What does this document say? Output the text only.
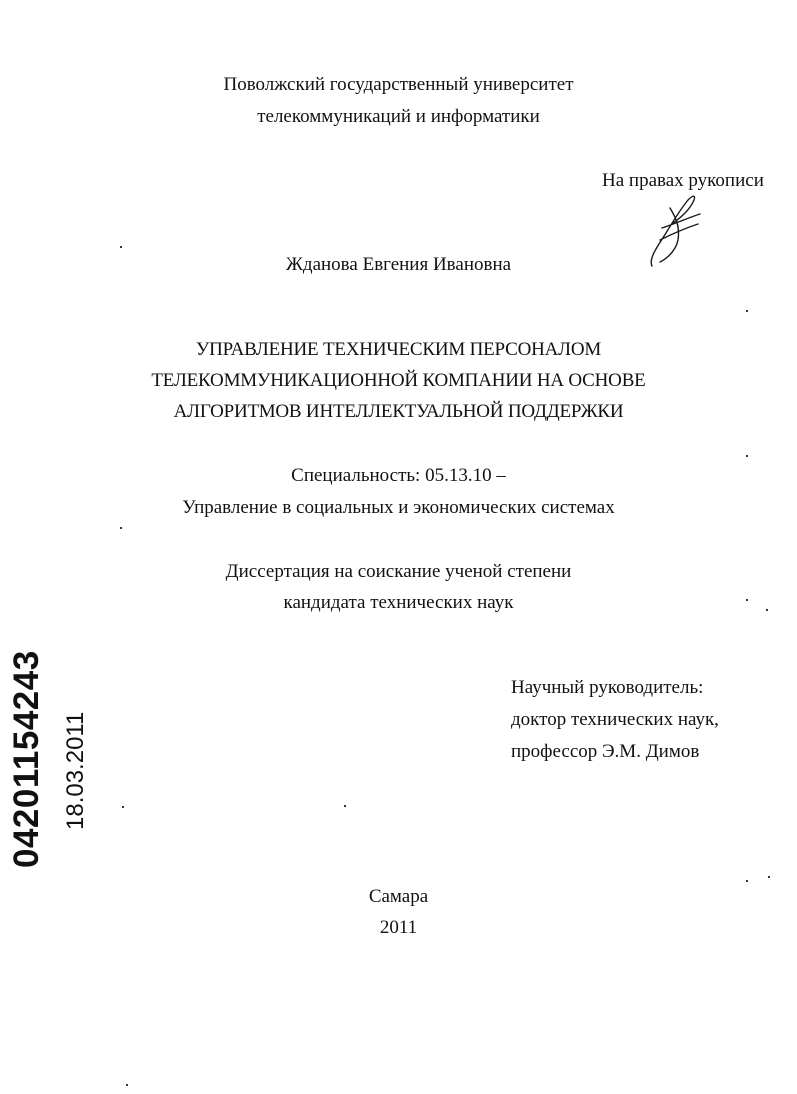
Поволжский государственный университет
телекоммуникаций и информатики
На правах рукописи
Жданова Евгения Ивановна
УПРАВЛЕНИЕ ТЕХНИЧЕСКИМ ПЕРСОНАЛОМ
ТЕЛЕКОММУНИКАЦИОННОЙ КОМПАНИИ НА ОСНОВЕ
АЛГОРИТМОВ ИНТЕЛЛЕКТУАЛЬНОЙ ПОДДЕРЖКИ
Специальность: 05.13.10 –
Управление в социальных и экономических системах
Диссертация на соискание ученой степени
кандидата технических наук
Научный руководитель:
доктор технических наук,
профессор Э.М. Димов
Самара
2011
04201154243 18.03.2011
